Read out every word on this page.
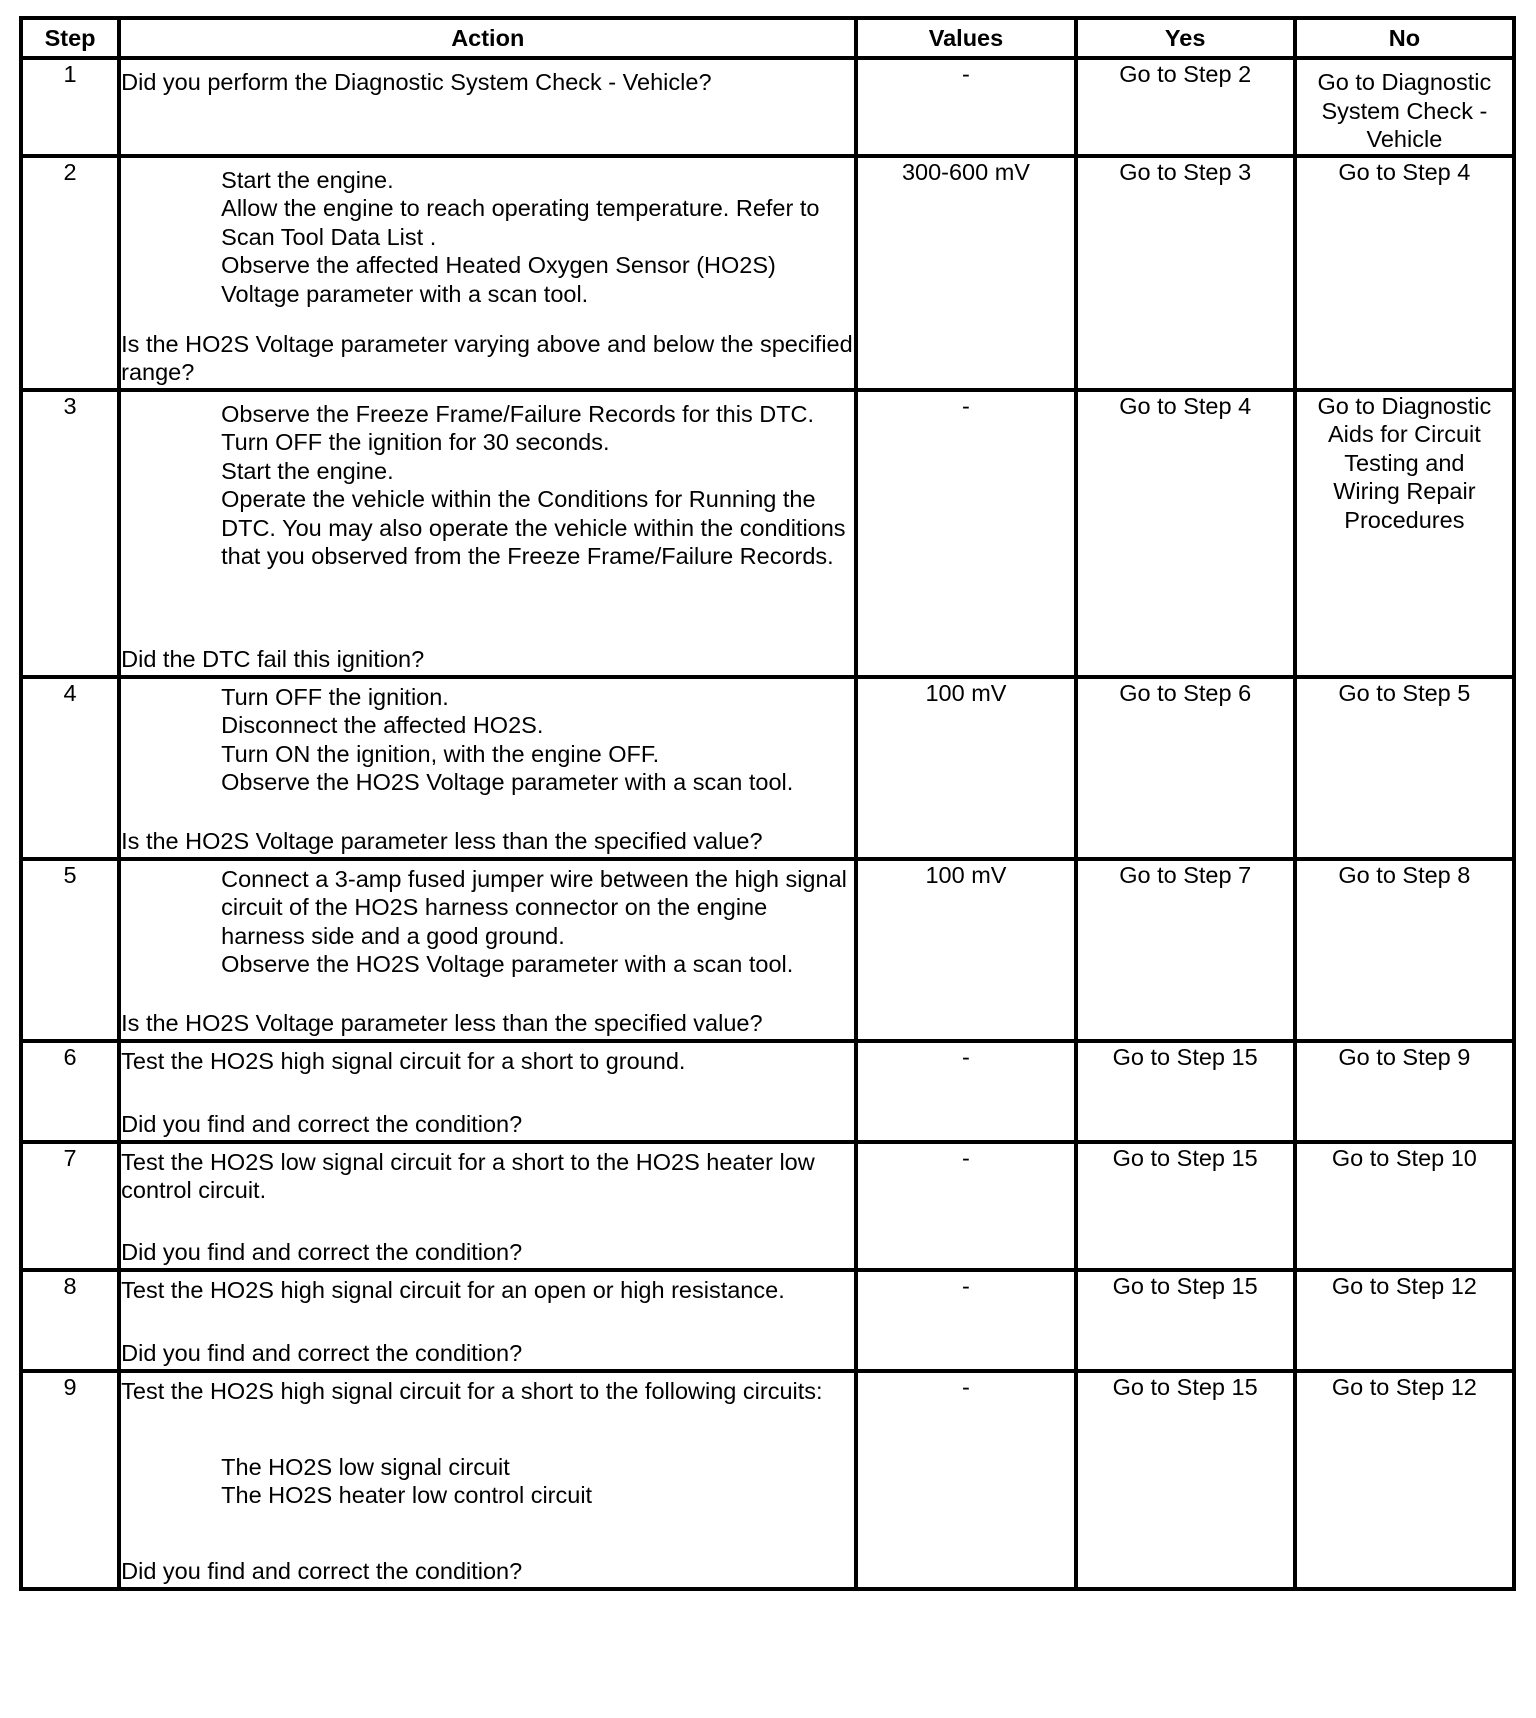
Step	Action	Values	Yes	No
1	Did you perform the Diagnostic System Check - Vehicle?	-	Go to Step 2	Go to Diagnostic System Check - Vehicle
2	Start the engine.

Allow the engine to reach operating temperature. Refer to Scan Tool Data List .

Observe the affected Heated Oxygen Sensor (HO2S) Voltage parameter with a scan tool.

Is the HO2S Voltage parameter varying above and below the specified range?	300-600 mV	Go to Step 3	Go to Step 4
3	Observe the Freeze Frame/Failure Records for this DTC.

Turn OFF the ignition for 30 seconds.

Start the engine.

Operate the vehicle within the Conditions for Running the DTC. You may also operate the vehicle within the conditions that you observed from the Freeze Frame/Failure Records.

Did the DTC fail this ignition?	-	Go to Step 4	Go to Diagnostic Aids for Circuit Testing and Wiring Repair Procedures
4	Turn OFF the ignition.

Disconnect the affected HO2S.

Turn ON the ignition, with the engine OFF.

Observe the HO2S Voltage parameter with a scan tool.

Is the HO2S Voltage parameter less than the specified value?	100 mV	Go to Step 6	Go to Step 5
5	Connect a 3-amp fused jumper wire between the high signal circuit of the HO2S harness connector on the engine harness side and a good ground.

Observe the HO2S Voltage parameter with a scan tool.

Is the HO2S Voltage parameter less than the specified value?	100 mV	Go to Step 7	Go to Step 8
6	Test the HO2S high signal circuit for a short to ground.
Did you find and correct the condition?	-	Go to Step 15	Go to Step 9
7	Test the HO2S low signal circuit for a short to the HO2S heater low control circuit.
Did you find and correct the condition?	-	Go to Step 15	Go to Step 10
8	Test the HO2S high signal circuit for an open or high resistance.
Did you find and correct the condition?	-	Go to Step 15	Go to Step 12
9	Test the HO2S high signal circuit for a short to the following circuits:

The HO2S low signal circuit

The HO2S heater low control circuit

Did you find and correct the condition?	-	Go to Step 15	Go to Step 12
